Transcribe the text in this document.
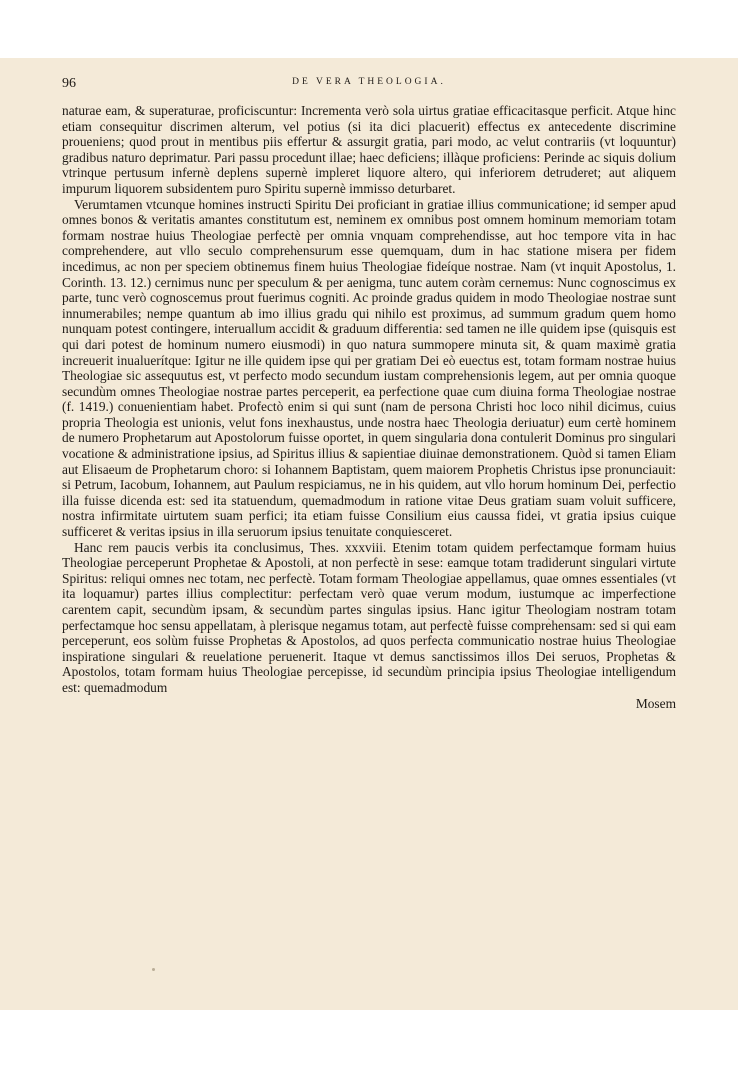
96	DE VERA THEOLOGIA.

naturae eam, & superaturae, proficiscuntur: Incrementa verò sola uirtus gratiae efficacitasque perficit. Atque hinc etiam consequitur discrimen alterum, vel potius (si ita dici placuerit) effectus ex antecedente discrimine proueniens; quod prout in mentibus piis effertur & assurgit gratia, pari modo, ac velut contrariis (vt loquuntur) gradibus naturo deprimatur. Pari passu procedunt illae; haec deficiens; illàque proficiens: Perinde ac siquis dolium vtrinque pertusum infernè deplens supernè impleret liquore altero, qui inferiorem detruderet; aut aliquem impurum liquorem subsidentem puro Spiritu supernè immisso deturbaret.

Verumtamen vtcunque homines instructi Spiritu Dei proficiant in gratiae illius communicatione; id semper apud omnes bonos & veritatis amantes constitutum est, neminem ex omnibus post omnem hominum memoriam totam formam nostrae huius Theologiae perfectè per omnia vnquam comprehendisse, aut hoc tempore vita in hac comprehendere, aut vllo seculo comprehensurum esse quemquam, dum in hac statione misera per fidem incedimus, ac non per speciem obtinemus finem huius Theologiae fideíque nostrae. Nam (vt inquit Apostolus, 1. Corinth. 13. 12.) cernimus nunc per speculum & per aenigma, tunc autem coràm cernemus: Nunc cognoscimus ex parte, tunc verò cognoscemus prout fuerimus cogniti. Ac proinde gradus quidem in modo Theologiae nostrae sunt innumerabiles; nempe quantum ab imo illius gradu qui nihilo est proximus, ad summum gradum quem homo nunquam potest contingere, interuallum accidit & graduum differentia: sed tamen ne ille quidem ipse (quisquis est qui dari potest de hominum numero eiusmodi) in quo natura summopere minuta sit, & quam maximè gratia increuerit inualuerítque: Igitur ne ille quidem ipse qui per gratiam Dei eò euectus est, totam formam nostrae huius Theologiae sic assequutus est, vt perfecto modo secundum iustam comprehensionis legem, aut per omnia quoque secundùm omnes Theologiae nostrae partes perceperit, ea perfectione quae cum diuina forma Theologiae nostrae (f. 1419.) conuenientiam habet. Profectò enim si qui sunt (nam de persona Christi hoc loco nihil dicimus, cuius propria Theologia est unionis, velut fons inexhaustus, unde nostra haec Theologia deriuatur) eum certè hominem de numero Prophetarum aut Apostolorum fuisse oportet, in quem singularia dona contulerit Dominus pro singulari vocatione & administratione ipsius, ad Spiritus illius & sapientiae diuinae demonstrationem. Quòd si tamen Eliam aut Elisaeum de Prophetarum choro: si Iohannem Baptistam, quem maiorem Prophetis Christus ipse pronunciauit: si Petrum, Iacobum, Iohannem, aut Paulum respiciamus, ne in his quidem, aut vllo horum hominum Dei, perfectio illa fuisse dicenda est: sed ita statuendum, quemadmodum in ratione vitae Deus gratiam suam voluit sufficere, nostra infirmitate uirtutem suam perfici; ita etiam fuisse Consilium eius caussa fidei, vt gratia ipsius cuique sufficeret & veritas ipsius in illa seruorum ipsius tenuitate conquiesceret.

Hanc rem paucis verbis ita conclusimus, Thes. xxxviii. Etenim totam quidem perfectamque formam huius Theologiae perceperunt Prophetae & Apostoli, at non perfectè in sese: eamque totam tradiderunt singulari virtute Spiritus: reliqui omnes nec totam, nec perfectè. Totam formam Theologiae appellamus, quae omnes essentiales (vt ita loquamur) partes illius complectitur: perfectam verò quae verum modum, iustumque ac imperfectione carentem capit, secundùm ipsam, & secundùm partes singulas ipsius. Hanc igitur Theologiam nostram totam perfectamque hoc sensu appellatam, à plerisque negamus totam, aut perfectè fuisse comprehensam: sed si qui eam perceperunt, eos solùm fuisse Prophetas & Apostolos, ad quos perfecta communicatio nostrae huius Theologiae inspiratione singulari & reuelatione peruenerit. Itaque vt demus sanctissimos illos Dei seruos, Prophetas & Apostolos, totam formam huius Theologiae percepisse, id secundùm principia ipsius Theologiae intelligendum est: quemadmodum

Mosem
